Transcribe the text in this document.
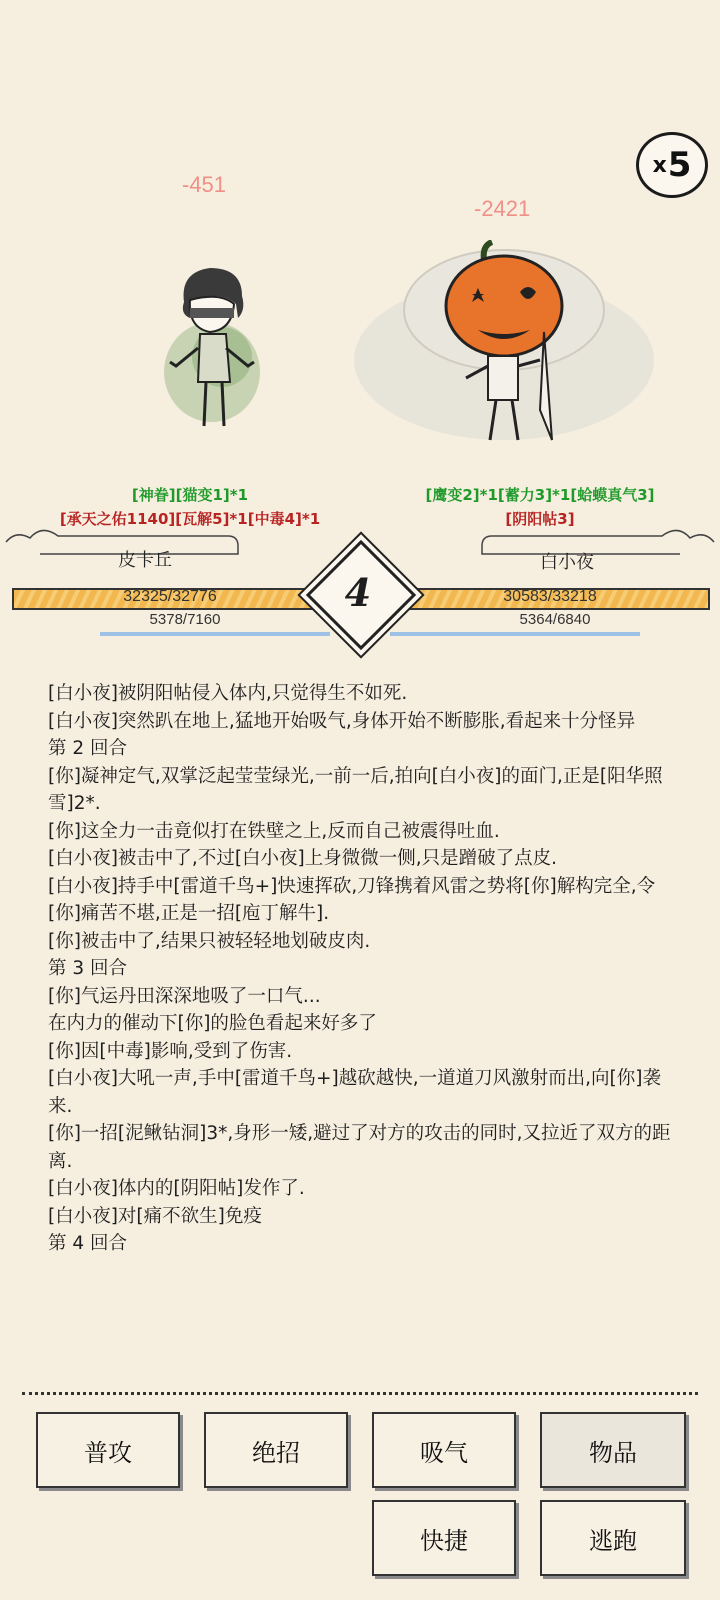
x 5
-451
-2421
[神眷][猫变1]*1
[承天之佑1140][瓦解5]*1[中毒4]*1
[鹰变2]*1[蓄力3]*1[蛤蟆真气3]
[阴阳帖3]
皮卡丘	白小夜
32325/32776	30583/33218
5378/7160	5364/6840
4

[白小夜]被阴阳帖侵入体内,只觉得生不如死.

[白小夜]突然趴在地上,猛地开始吸气,身体开始不断膨胀,看起来十分怪异

第 2 回合

[你]凝神定气,双掌泛起莹莹绿光,一前一后,拍向[白小夜]的面门,正是[阳华照雪]2*.

[你]这全力一击竟似打在铁壁之上,反而自己被震得吐血.

[白小夜]被击中了,不过[白小夜]上身微微一侧,只是蹭破了点皮.

[白小夜]持手中[雷道千鸟+]快速挥砍,刀锋携着风雷之势将[你]解构完全,令[你]痛苦不堪,正是一招[庖丁解牛].

[你]被击中了,结果只被轻轻地划破皮肉.

第 3 回合

[你]气运丹田深深地吸了一口气...

在内力的催动下[你]的脸色看起来好多了

[你]因[中毒]影响,受到了伤害.

[白小夜]大吼一声,手中[雷道千鸟+]越砍越快,一道道刀风激射而出,向[你]袭来.

[你]一招[泥鳅钻洞]3*,身形一矮,避过了对方的攻击的同时,又拉近了双方的距离.

[白小夜]体内的[阴阳帖]发作了.

[白小夜]对[痛不欲生]免疫

第 4 回合

普攻	绝招	吸气	物品
快捷	逃跑
